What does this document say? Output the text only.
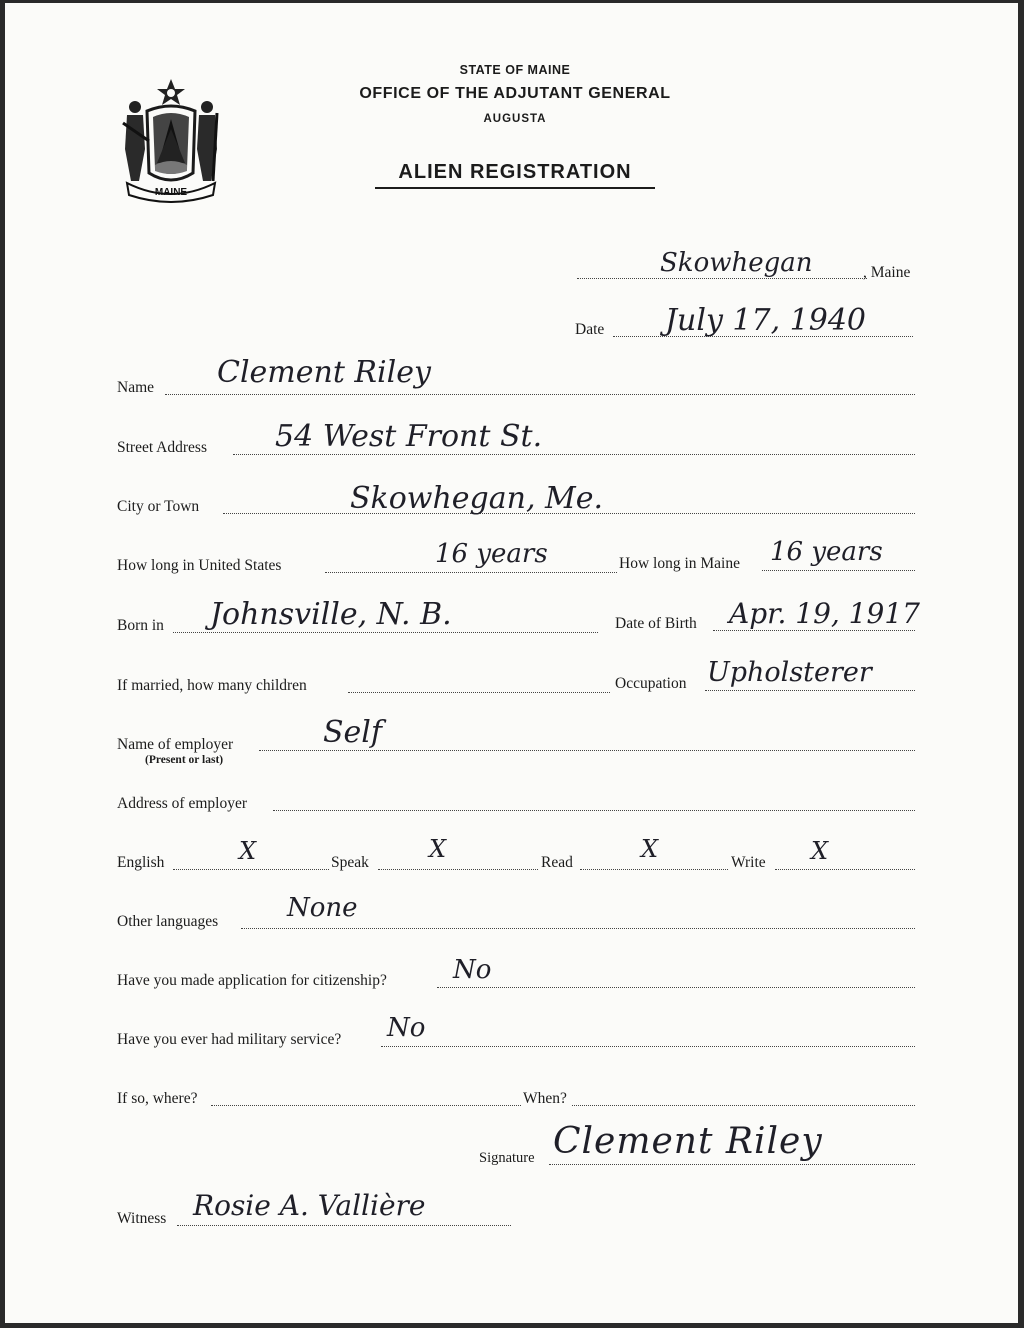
MAINE
STATE OF MAINE
OFFICE OF THE ADJUTANT GENERAL
AUGUSTA
ALIEN REGISTRATION
Skowhegan	, Maine
Date July 17, 1940
Name Clement Riley
Street Address 54 West Front St.
City or Town	Skowhegan, Me.
How long in United States	16 years	How long in Maine 16 years
Born in Johnsville, N. B.	Date of Birth Apr. 19, 1917
If married, how many children	Occupation Upholsterer
Name of employer
(Present or last)
Self
Address of employer
English	X	Speak	X	Read	X	Write X
Other languages	None
Have you made application for citizenship?	No
Have you ever had military service? No
If so, where?	When?
Signature Clement Riley
Witness Rosie A. Vallière
